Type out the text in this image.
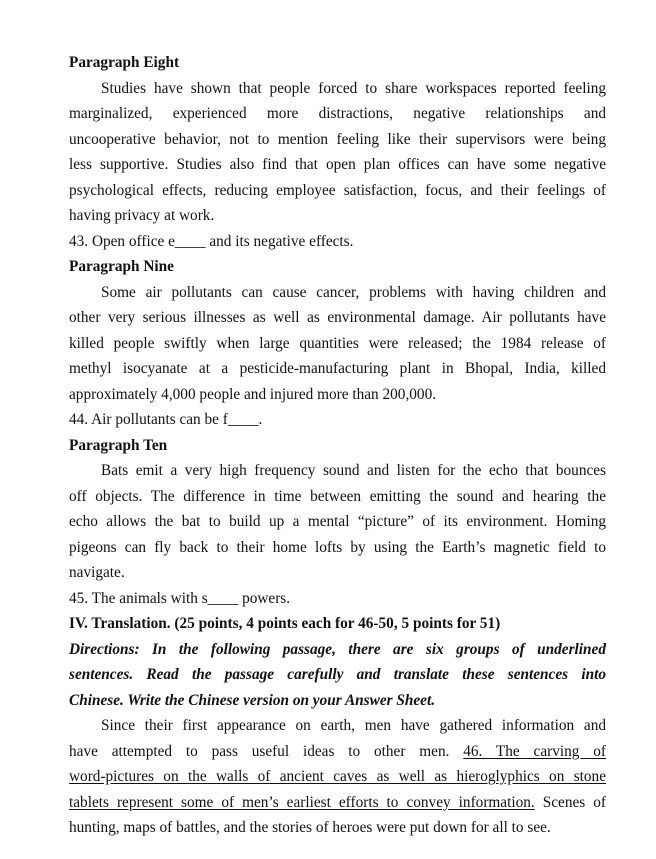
Paragraph Eight
Studies have shown that people forced to share workspaces reported feeling
marginalized, experienced more distractions, negative relationships and
uncooperative behavior, not to mention feeling like their supervisors were being
less supportive. Studies also find that open plan offices can have some negative
psychological effects, reducing employee satisfaction, focus, and their feelings of
having privacy at work.
43. Open office e____ and its negative effects.
Paragraph Nine
Some air pollutants can cause cancer, problems with having children and
other very serious illnesses as well as environmental damage. Air pollutants have
killed people swiftly when large quantities were released; the 1984 release of
methyl isocyanate at a pesticide-manufacturing plant in Bhopal, India, killed
approximately 4,000 people and injured more than 200,000.
44. Air pollutants can be f____.
Paragraph Ten
Bats emit a very high frequency sound and listen for the echo that bounces
off objects. The difference in time between emitting the sound and hearing the
echo allows the bat to build up a mental “picture” of its environment. Homing
pigeons can fly back to their home lofts by using the Earth’s magnetic field to
navigate.
45. The animals with s____ powers.
IV. Translation. (25 points, 4 points each for 46-50, 5 points for 51)
Directions: In the following passage, there are six groups of underlined
sentences. Read the passage carefully and translate these sentences into
Chinese. Write the Chinese version on your Answer Sheet.
Since their first appearance on earth, men have gathered information and
have attempted to pass useful ideas to other men. 46. The carving of
word-pictures on the walls of ancient caves as well as hieroglyphics on stone
tablets represent some of men’s earliest efforts to convey information. Scenes of
hunting, maps of battles, and the stories of heroes were put down for all to see.
